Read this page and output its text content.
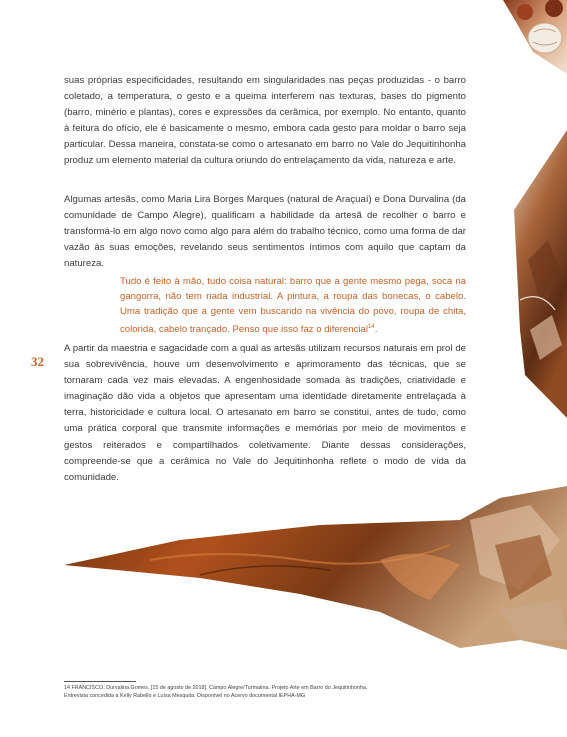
32

suas próprias especificidades, resultando em singularidades nas peças produzidas - o barro coletado, a temperatura, o gesto e a queima interferem nas texturas, bases do pigmento (barro, minério e plantas), cores e expressões da cerâmica, por exemplo. No entanto, quanto à feitura do ofício, ele é basicamente o mesmo, embora cada gesto para moldar o barro seja particular. Dessa maneira, constata-se como o artesanato em barro no Vale do Jequitinhonha produz um elemento material da cultura oriundo do entrelaçamento da vida, natureza e arte.

Algumas artesãs, como Maria Lira Borges Marques (natural de Araçuaí) e Dona Durvalina (da comunidade de Campo Alegre), qualificam a habilidade da artesã de recolher o barro e transformá-lo em algo novo como algo para além do trabalho técnico, como uma forma de dar vazão às suas emoções, revelando seus sentimentos íntimos com aquilo que captam da natureza.

Tudo é feito à mão, tudo coisa natural: barro que a gente mesmo pega, soca na gangorra, não tem nada industrial. A pintura, a roupa das bonecas, o cabelo. Uma tradição que a gente vem buscando na vivência do povo, roupa de chita, colorida, cabelo trançado. Penso que isso faz o diferencial$^{14}$.

A partir da maestria e sagacidade com a qual as artesãs utilizam recursos naturais em prol de sua sobrevivência, houve um desenvolvimento e aprimoramento das técnicas, que se tornaram cada vez mais elevadas. A engenhosidade somada às tradições, criatividade e imaginação dão vida a objetos que apresentam uma identidade diretamente entrelaçada à terra, historicidade e cultura local. O artesanato em barro se constitui, antes de tudo, como uma prática corporal que transmite informações e memórias por meio de movimentos e gestos reiterados e compartilhados coletivamente. Diante dessas considerações, compreende-se que a cerâmica no Vale do Jequitinhonha reflete o modo de vida da comunidade.

14 FRANCISCO, Durvalina Gomes. [15 de agosto de 2018]. Campo Alegre/Turmalina. Projeto Arte em Barro do Jequitinhonha.
Entrevista concedida a Kelly Rabello e Luísa Mesquita. Disponível no Acervo documental IEPHA-MG
